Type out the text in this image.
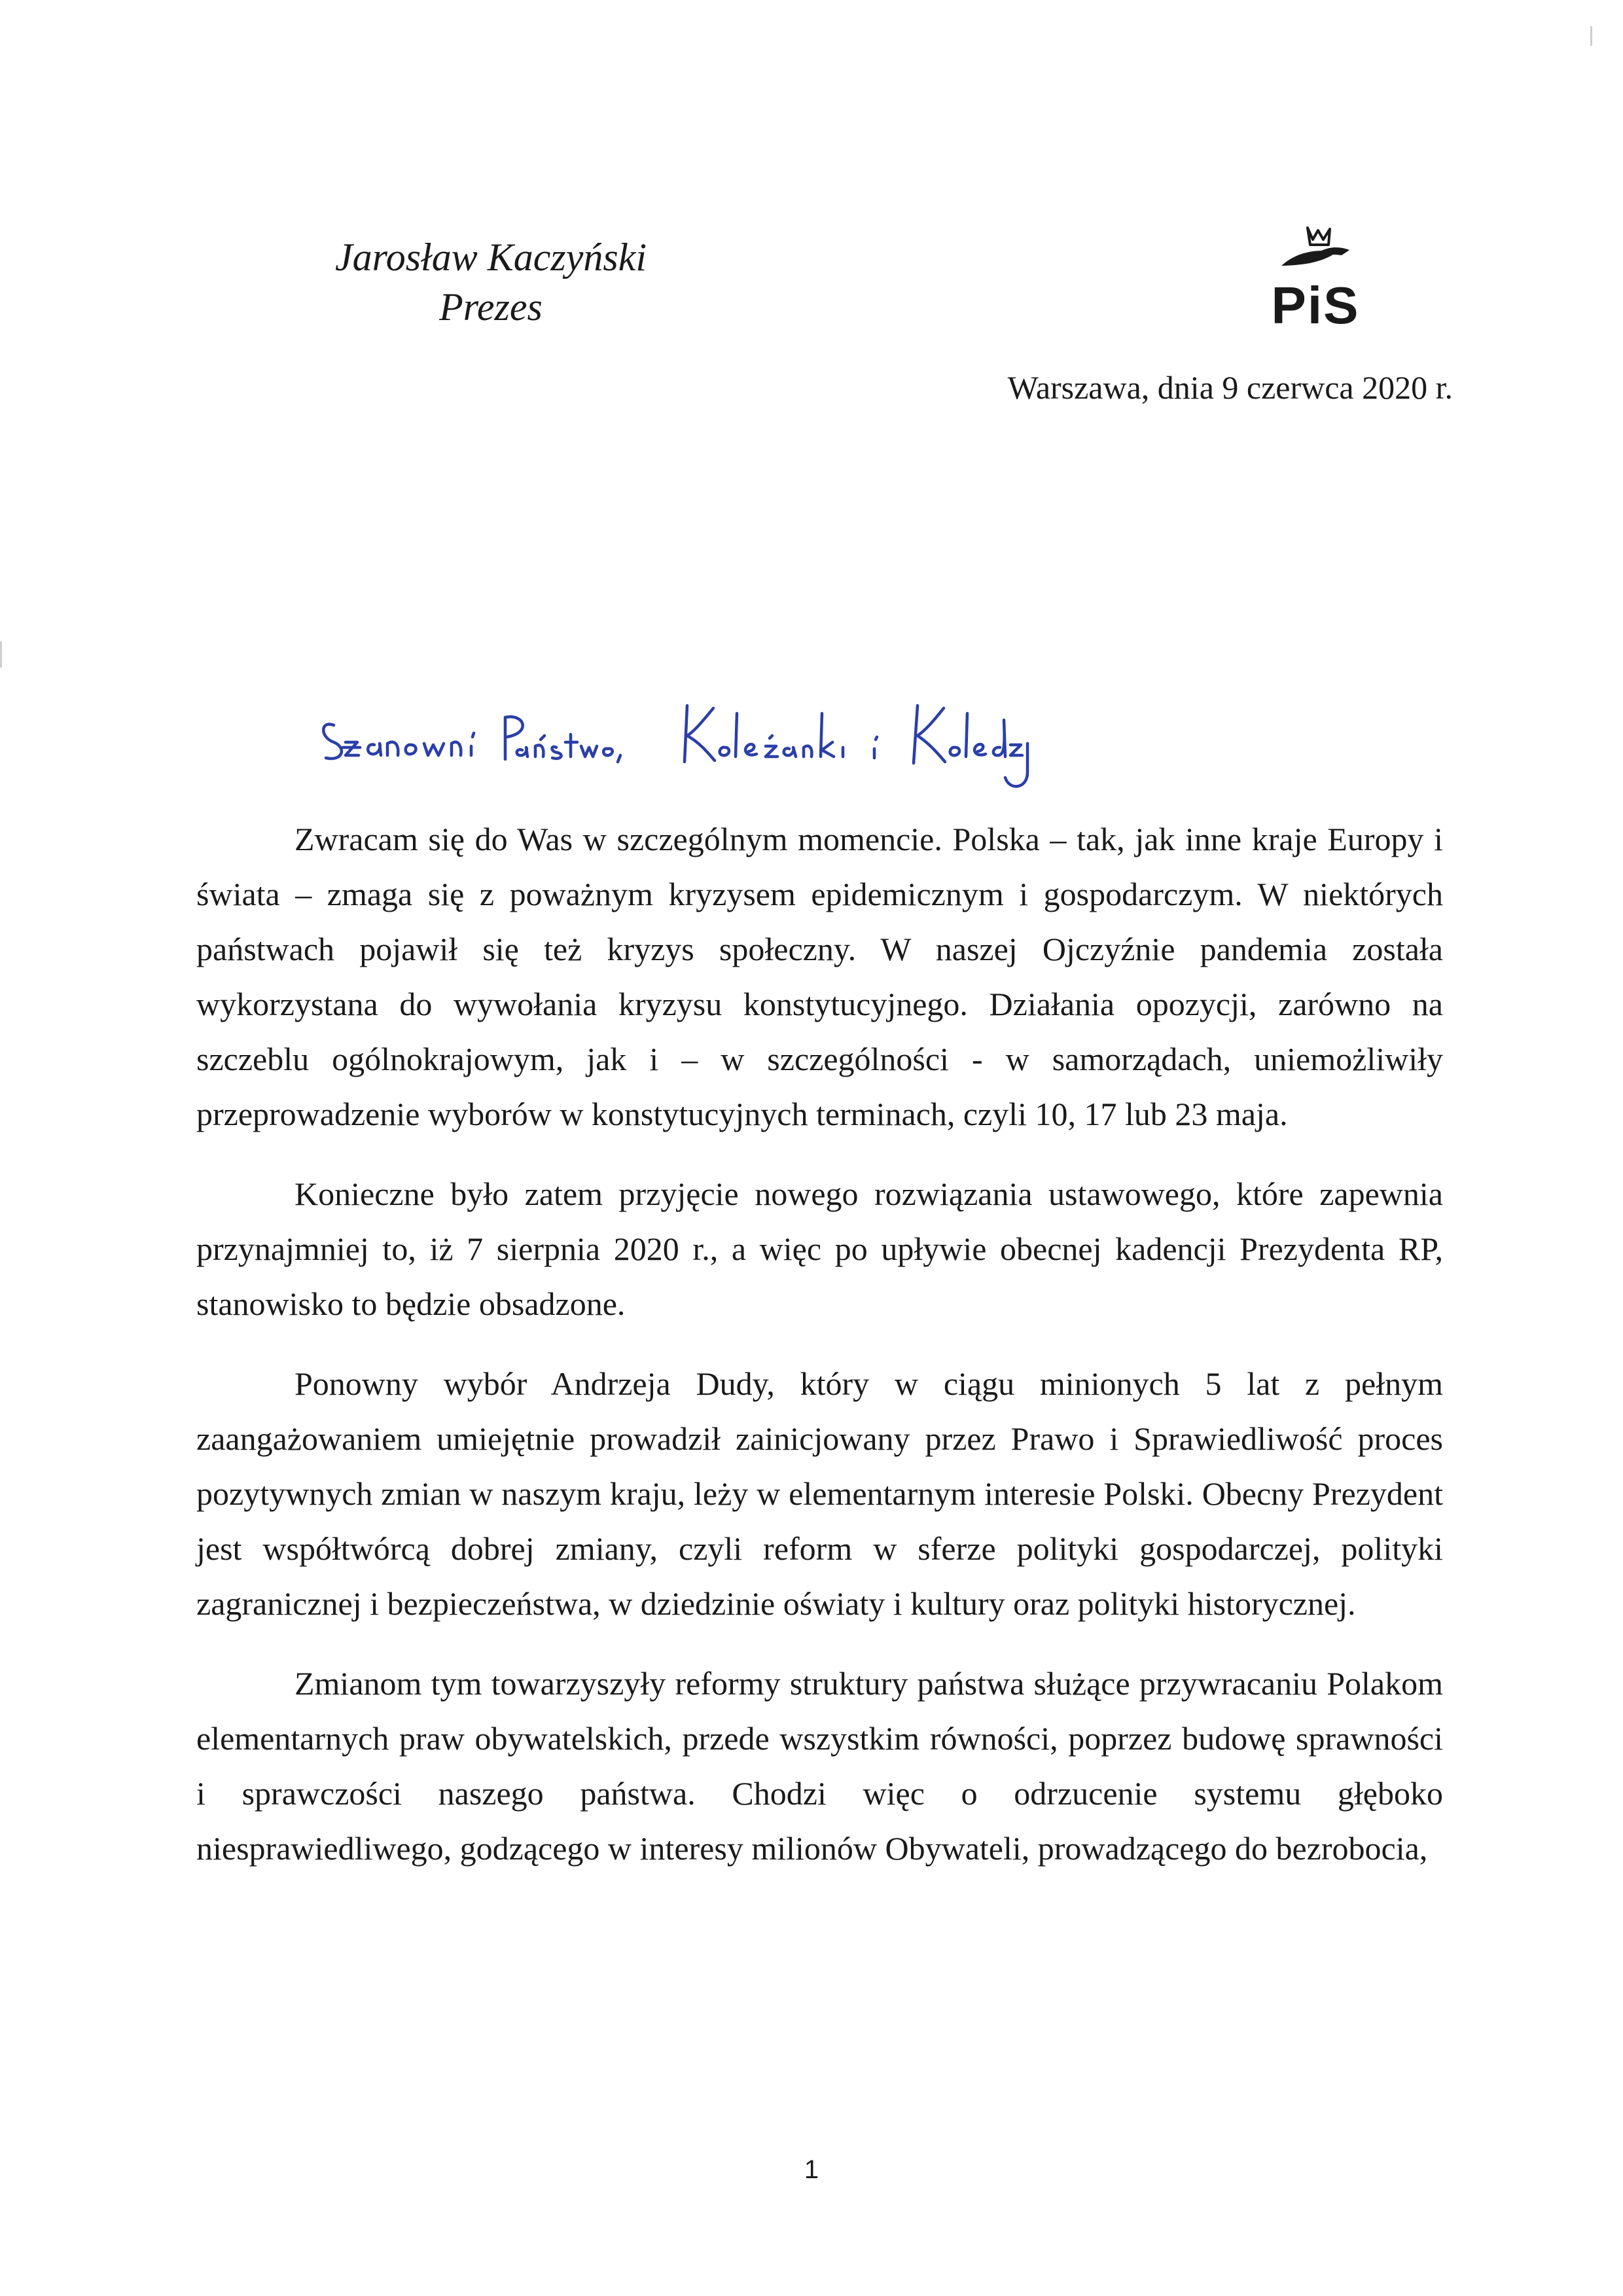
Jarosław Kaczyński
Prezes	PiS
Warszawa, dnia 9 czerwca 2020 r.

Zwracam się do Was w szczególnym momencie. Polska – tak, jak inne kraje Europy i świata – zmaga się z poważnym kryzysem epidemicznym i gospodarczym. W niektórych państwach pojawił się też kryzys społeczny. W naszej Ojczyźnie pandemia została wykorzystana do wywołania kryzysu konstytucyjnego. Działania opozycji, zarówno na szczeblu ogólnokrajowym, jak i – w szczególności - w samorządach, uniemożliwiły przeprowadzenie wyborów w konstytucyjnych terminach, czyli 10, 17 lub 23 maja.

Konieczne było zatem przyjęcie nowego rozwiązania ustawowego, które zapewnia przynajmniej to, iż 7 sierpnia 2020 r., a więc po upływie obecnej kadencji Prezydenta RP, stanowisko to będzie obsadzone.

Ponowny wybór Andrzeja Dudy, który w ciągu minionych 5 lat z pełnym zaangażowaniem umiejętnie prowadził zainicjowany przez Prawo i Sprawiedliwość proces pozytywnych zmian w naszym kraju, leży w elementarnym interesie Polski. Obecny Prezydent jest współtwórcą dobrej zmiany, czyli reform w sferze polityki gospodarczej, polityki zagranicznej i bezpieczeństwa, w dziedzinie oświaty i kultury oraz polityki historycznej.

Zmianom tym towarzyszyły reformy struktury państwa służące przywracaniu Polakom elementarnych praw obywatelskich, przede wszystkim równości, poprzez budowę sprawności i sprawczości naszego państwa. Chodzi więc o odrzucenie systemu głęboko niesprawiedliwego, godzącego w interesy milionów Obywateli, prowadzącego do bezrobocia,

1
